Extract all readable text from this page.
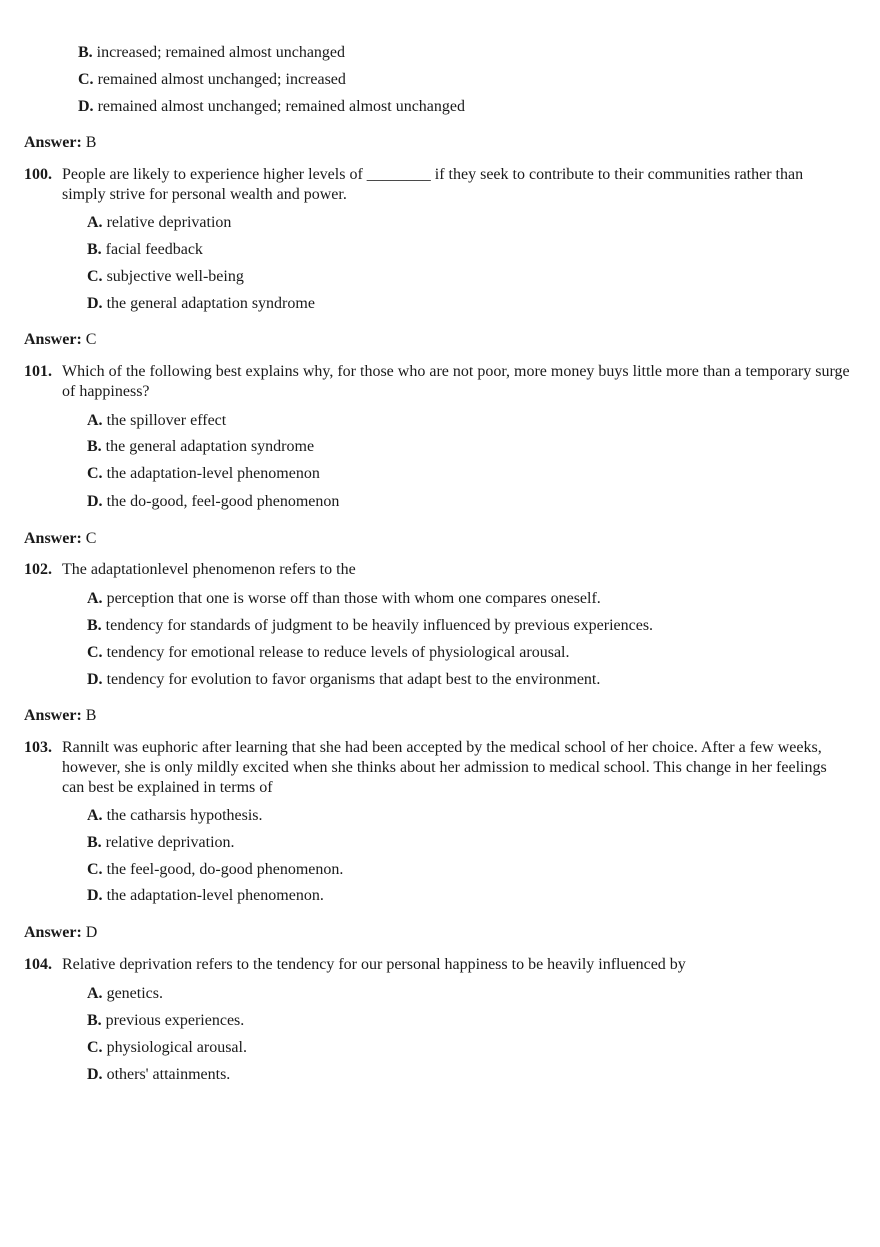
B. increased; remained almost unchanged
C. remained almost unchanged; increased
D. remained almost unchanged; remained almost unchanged
Answer: B
100. People are likely to experience higher levels of ________ if they seek to contribute to their communities rather than simply strive for personal wealth and power.
A. relative deprivation
B. facial feedback
C. subjective well-being
D. the general adaptation syndrome
Answer: C
101. Which of the following best explains why, for those who are not poor, more money buys little more than a temporary surge of happiness?
A. the spillover effect
B. the general adaptation syndrome
C. the adaptation-level phenomenon
D. the do-good, feel-good phenomenon
Answer: C
102. The adaptationlevel phenomenon refers to the
A. perception that one is worse off than those with whom one compares oneself.
B. tendency for standards of judgment to be heavily influenced by previous experiences.
C. tendency for emotional release to reduce levels of physiological arousal.
D. tendency for evolution to favor organisms that adapt best to the environment.
Answer: B
103. Rannilt was euphoric after learning that she had been accepted by the medical school of her choice. After a few weeks, however, she is only mildly excited when she thinks about her admission to medical school. This change in her feelings can best be explained in terms of
A. the catharsis hypothesis.
B. relative deprivation.
C. the feel-good, do-good phenomenon.
D. the adaptation-level phenomenon.
Answer: D
104. Relative deprivation refers to the tendency for our personal happiness to be heavily influenced by
A. genetics.
B. previous experiences.
C. physiological arousal.
D. others' attainments.
